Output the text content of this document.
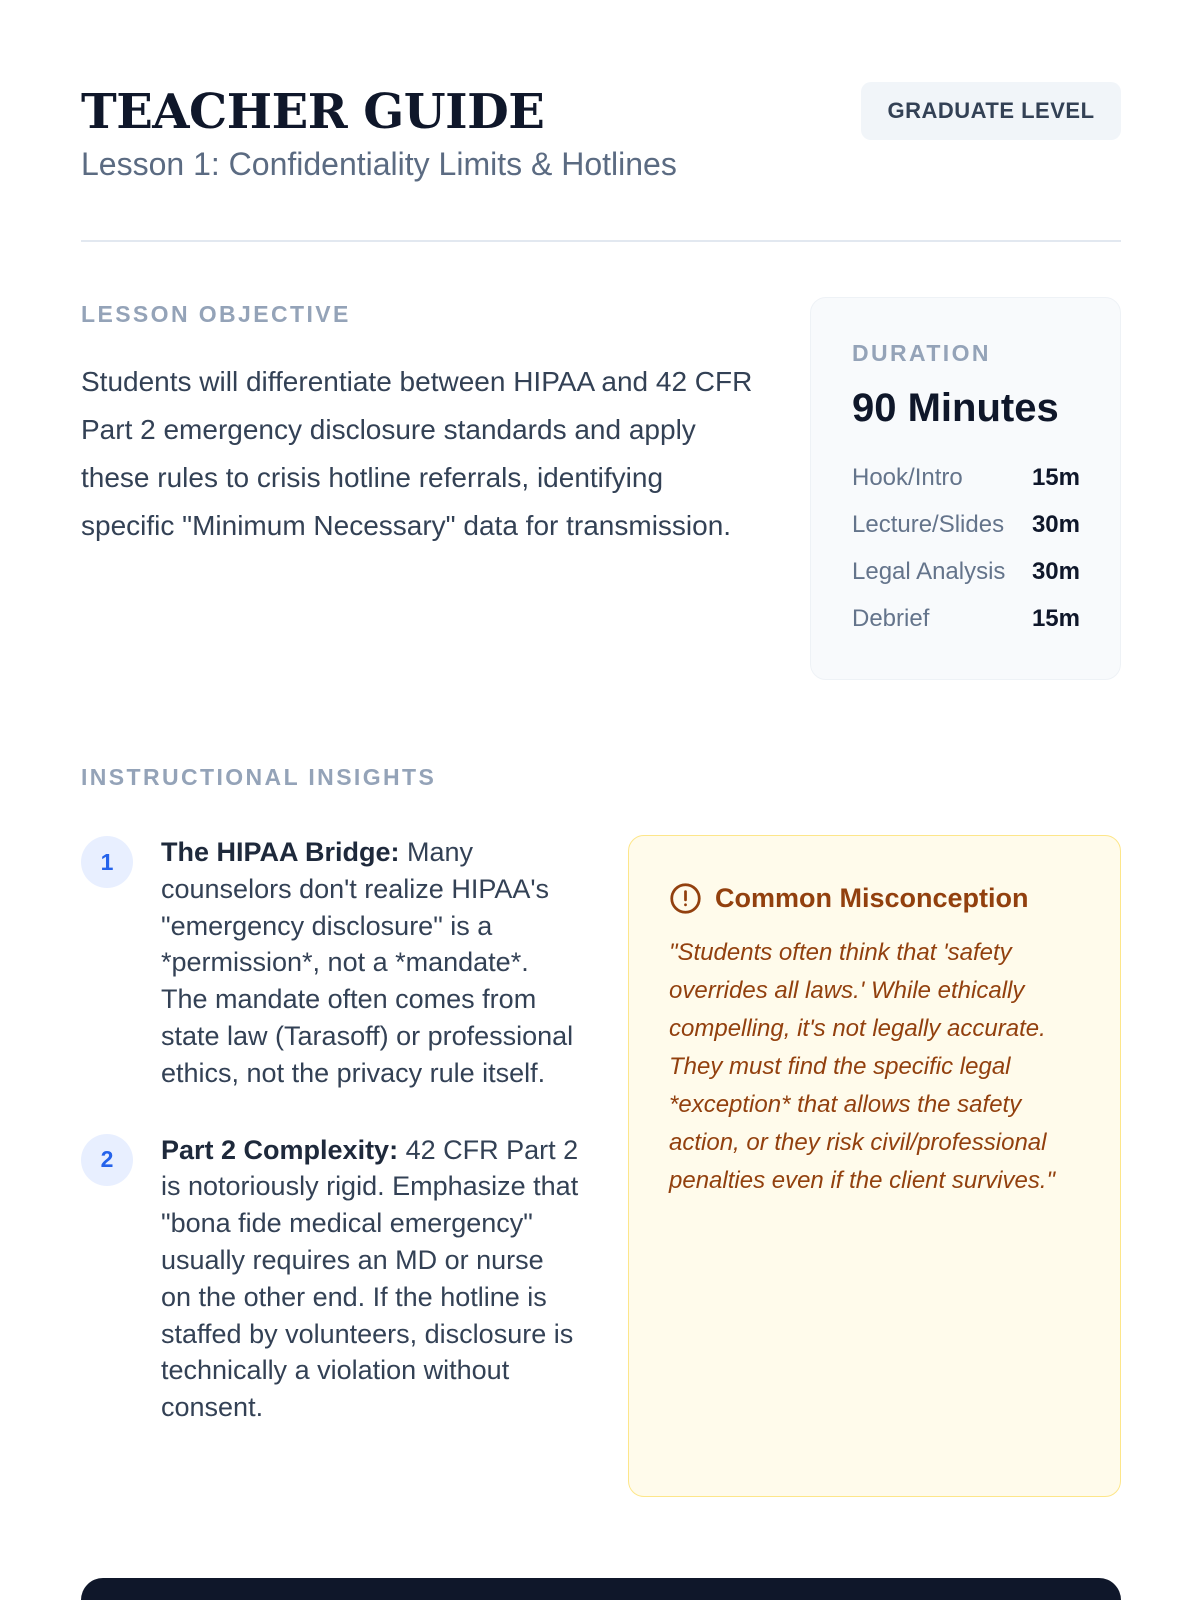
TEACHER GUIDE
Lesson 1: Confidentiality Limits & Hotlines
GRADUATE LEVEL
LESSON OBJECTIVE

Students will differentiate between HIPAA and 42 CFR Part 2 emergency disclosure standards and apply these rules to crisis hotline referrals, identifying specific "Minimum Necessary" data for transmission.

DURATION
90 Minutes
Hook/Intro	15m
Lecture/Slides 30m
Legal Analysis 30m
Debrief	15m
INSTRUCTIONAL INSIGHTS
1	The HIPAA Bridge: Many counselors don't realize HIPAA's "emergency disclosure" is a *permission*, not a *mandate*. The mandate often comes from state law (Tarasoff) or professional ethics, not the privacy rule itself.

2	Part 2 Complexity: 42 CFR Part 2 is notoriously rigid. Emphasize that "bona fide medical emergency" usually requires an MD or nurse on the other end. If the hotline is staffed by volunteers, disclosure is technically a violation without consent.

Common Misconception

"Students often think that 'safety overrides all laws.' While ethically compelling, it's not legally accurate. They must find the specific legal *exception* that allows the safety action, or they risk civil/professional penalties even if the client survives."
